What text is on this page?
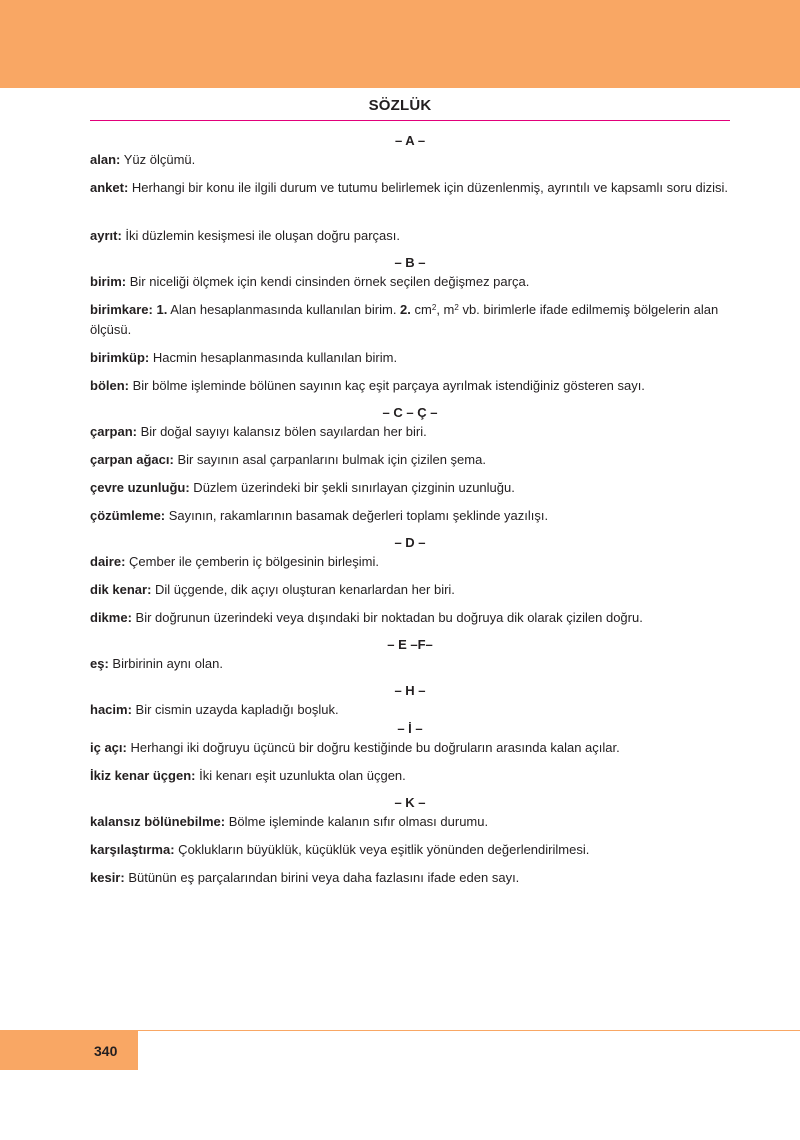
SÖZLÜK
– A –

alan: Yüz ölçümü.

anket: Herhangi bir konu ile ilgili durum ve tutumu belirlemek için düzenlenmiş, ayrıntılı ve kapsamlı soru dizisi.

ayrıt: İki düzlemin kesişmesi ile oluşan doğru parçası.

– B –

birim: Bir niceliği ölçmek için kendi cinsinden örnek seçilen değişmez parça.

birimkare: 1. Alan hesaplanmasında kullanılan birim. 2. $cm^2$, $m^2$ vb. birimlerle ifade edilmemiş bölgelerin alan ölçüsü.

birimküp: Hacmin hesaplanmasında kullanılan birim.

bölen: Bir bölme işleminde bölünen sayının kaç eşit parçaya ayrılmak istendiğiniz gösteren sayı.

– C – Ç –

çarpan: Bir doğal sayıyı kalansız bölen sayılardan her biri.

çarpan ağacı: Bir sayının asal çarpanlarını bulmak için çizilen şema.

çevre uzunluğu: Düzlem üzerindeki bir şekli sınırlayan çizginin uzunluğu.

çözümleme: Sayının, rakamlarının basamak değerleri toplamı şeklinde yazılışı.

– D –

daire: Çember ile çemberin iç bölgesinin birleşimi.

dik kenar: Dil üçgende, dik açıyı oluşturan kenarlardan her biri.

dikme: Bir doğrunun üzerindeki veya dışındaki bir noktadan bu doğruya dik olarak çizilen doğru.

– E –F–

eş: Birbirinin aynı olan.

– H –

hacim: Bir cismin uzayda kapladığı boşluk.

– İ –

iç açı: Herhangi iki doğruyu üçüncü bir doğru kestiğinde bu doğruların arasında kalan açılar.

İkiz kenar üçgen: İki kenarı eşit uzunlukta olan üçgen.

– K –

kalansız bölünebilme: Bölme işleminde kalanın sıfır olması durumu.

karşılaştırma: Çoklukların büyüklük, küçüklük veya eşitlik yönünden değerlendirilmesi.

kesir: Bütünün eş parçalarından birini veya daha fazlasını ifade eden sayı.

340
